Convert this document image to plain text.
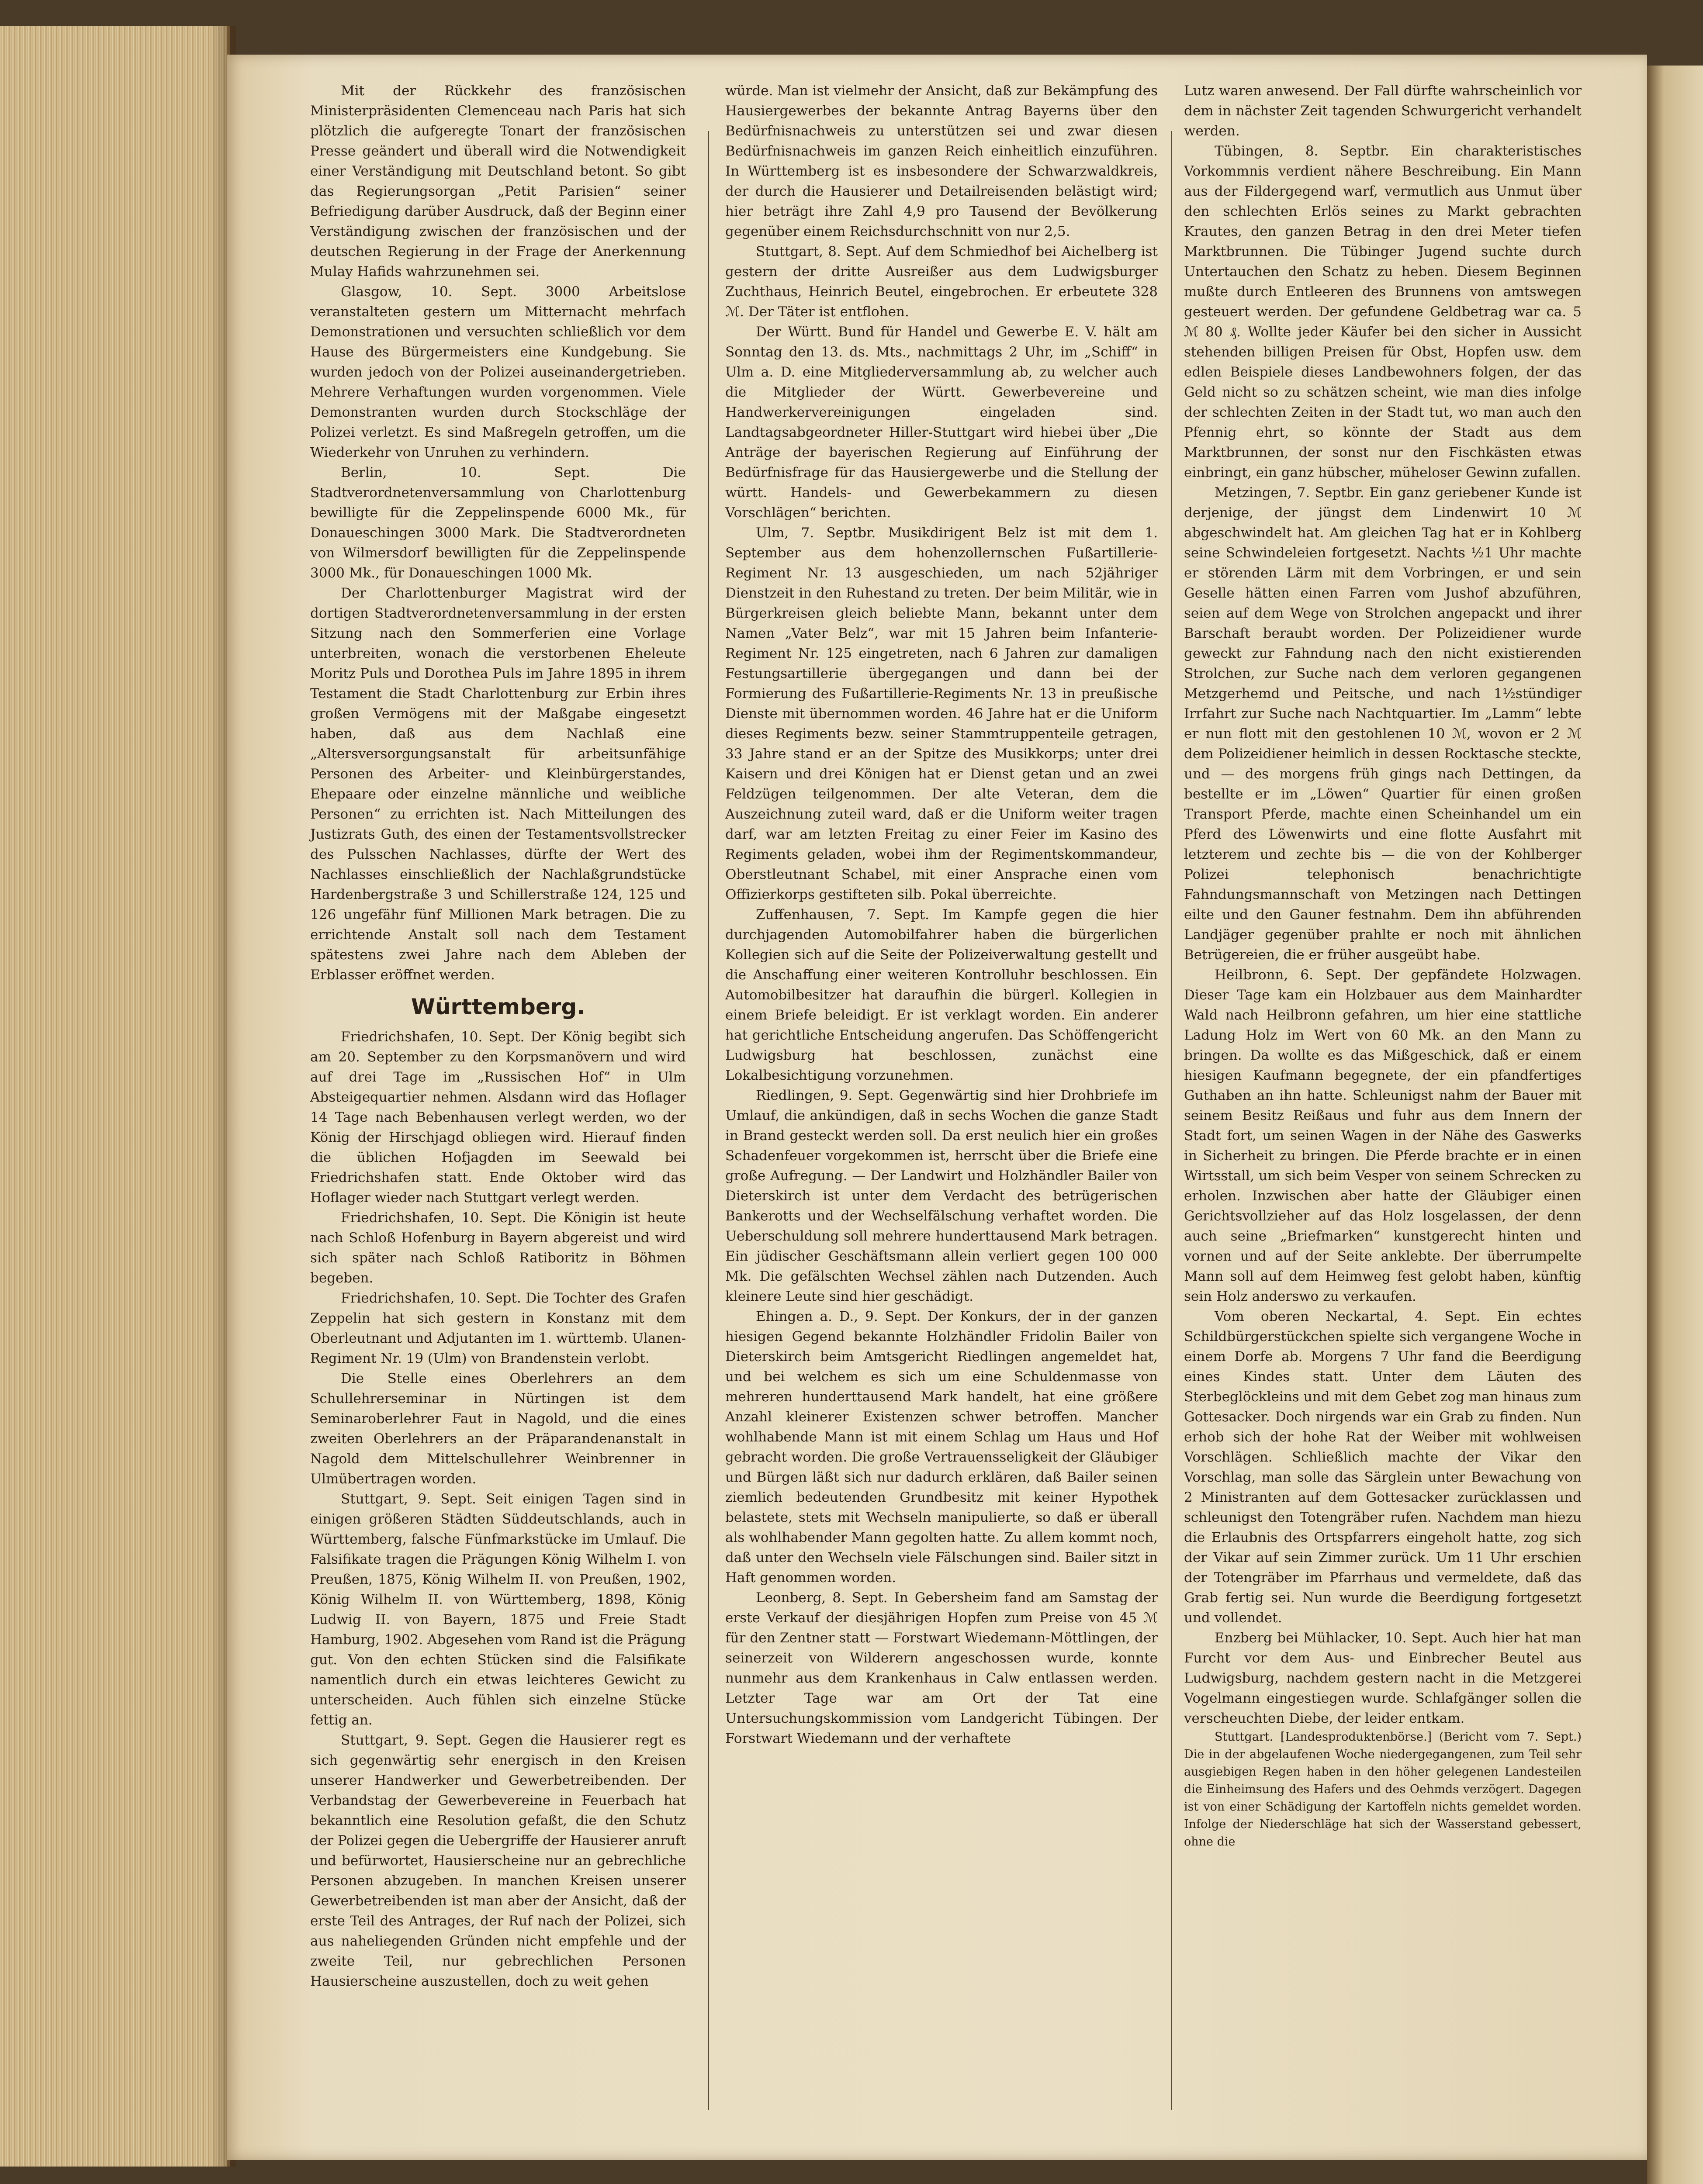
Mit der Rückkehr des französischen Ministerpräsidenten Clemenceau nach Paris hat sich plötzlich die aufgeregte Tonart der französischen Presse geändert und überall wird die Notwendigkeit einer Verständigung mit Deutschland betont. So gibt das Regierungsorgan „Petit Parisien“ seiner Befriedigung darüber Ausdruck, daß der Beginn einer Verständigung zwischen der französischen und der deutschen Regierung in der Frage der Anerkennung Mulay Hafids wahrzunehmen sei.

Glasgow, 10. Sept. 3000 Arbeitslose veranstalteten gestern um Mitternacht mehrfach Demonstrationen und versuchten schließlich vor dem Hause des Bürgermeisters eine Kundgebung. Sie wurden jedoch von der Polizei auseinandergetrieben. Mehrere Verhaftungen wurden vorgenommen. Viele Demonstranten wurden durch Stockschläge der Polizei verletzt. Es sind Maßregeln getroffen, um die Wiederkehr von Unruhen zu verhindern.

Berlin, 10. Sept. Die Stadtverordnetenversammlung von Charlottenburg bewilligte für die Zeppelinspende 6000 Mk., für Donaueschingen 3000 Mark. Die Stadtverordneten von Wilmersdorf bewilligten für die Zeppelinspende 3000 Mk., für Donaueschingen 1000 Mk.

Der Charlottenburger Magistrat wird der dortigen Stadtverordnetenversammlung in der ersten Sitzung nach den Sommerferien eine Vorlage unterbreiten, wonach die verstorbenen Eheleute Moritz Puls und Dorothea Puls im Jahre 1895 in ihrem Testament die Stadt Charlottenburg zur Erbin ihres großen Vermögens mit der Maßgabe eingesetzt haben, daß aus dem Nachlaß eine „Altersversorgungsanstalt für arbeitsunfähige Personen des Arbeiter- und Kleinbürgerstandes, Ehepaare oder einzelne männliche und weibliche Personen“ zu errichten ist. Nach Mitteilungen des Justizrats Guth, des einen der Testamentsvollstrecker des Pulsschen Nachlasses, dürfte der Wert des Nachlasses einschließlich der Nachlaßgrundstücke Hardenbergstraße 3 und Schillerstraße 124, 125 und 126 ungefähr fünf Millionen Mark betragen. Die zu errichtende Anstalt soll nach dem Testament spätestens zwei Jahre nach dem Ableben der Erblasser eröffnet werden.

Württemberg.

Friedrichshafen, 10. Sept. Der König begibt sich am 20. September zu den Korpsmanövern und wird auf drei Tage im „Russischen Hof“ in Ulm Absteigequartier nehmen. Alsdann wird das Hoflager 14 Tage nach Bebenhausen verlegt werden, wo der König der Hirschjagd obliegen wird. Hierauf finden die üblichen Hofjagden im Seewald bei Friedrichshafen statt. Ende Oktober wird das Hoflager wieder nach Stuttgart verlegt werden.

Friedrichshafen, 10. Sept. Die Königin ist heute nach Schloß Hofenburg in Bayern abgereist und wird sich später nach Schloß Ratiboritz in Böhmen begeben.

Friedrichshafen, 10. Sept. Die Tochter des Grafen Zeppelin hat sich gestern in Konstanz mit dem Oberleutnant und Adjutanten im 1. württemb. Ulanen-Regiment Nr. 19 (Ulm) von Brandenstein verlobt.

Die Stelle eines Oberlehrers an dem Schullehrerseminar in Nürtingen ist dem Seminaroberlehrer Faut in Nagold, und die eines zweiten Oberlehrers an der Präparandenanstalt in Nagold dem Mittelschullehrer Weinbrenner in Ulmübertragen worden.

Stuttgart, 9. Sept. Seit einigen Tagen sind in einigen größeren Städten Süddeutschlands, auch in Württemberg, falsche Fünfmarkstücke im Umlauf. Die Falsifikate tragen die Prägungen König Wilhelm I. von Preußen, 1875, König Wilhelm II. von Preußen, 1902, König Wilhelm II. von Württemberg, 1898, König Ludwig II. von Bayern, 1875 und Freie Stadt Hamburg, 1902. Abgesehen vom Rand ist die Prägung gut. Von den echten Stücken sind die Falsifikate namentlich durch ein etwas leichteres Gewicht zu unterscheiden. Auch fühlen sich einzelne Stücke fettig an.

Stuttgart, 9. Sept. Gegen die Hausierer regt es sich gegenwärtig sehr energisch in den Kreisen unserer Handwerker und Gewerbetreibenden. Der Verbandstag der Gewerbevereine in Feuerbach hat bekanntlich eine Resolution gefaßt, die den Schutz der Polizei gegen die Uebergriffe der Hausierer anruft und befürwortet, Hausierscheine nur an gebrechliche Personen abzugeben. In manchen Kreisen unserer Gewerbetreibenden ist man aber der Ansicht, daß der erste Teil des Antrages, der Ruf nach der Polizei, sich aus naheliegenden Gründen nicht empfehle und der zweite Teil, nur gebrechlichen Personen Hausierscheine auszustellen, doch zu weit gehen

würde. Man ist vielmehr der Ansicht, daß zur Bekämpfung des Hausiergewerbes der bekannte Antrag Bayerns über den Bedürfnisnachweis zu unterstützen sei und zwar diesen Bedürfnisnachweis im ganzen Reich einheitlich einzuführen. In Württemberg ist es insbesondere der Schwarzwaldkreis, der durch die Hausierer und Detailreisenden belästigt wird; hier beträgt ihre Zahl 4,9 pro Tausend der Bevölkerung gegenüber einem Reichsdurchschnitt von nur 2,5.

Stuttgart, 8. Sept. Auf dem Schmiedhof bei Aichelberg ist gestern der dritte Ausreißer aus dem Ludwigsburger Zuchthaus, Heinrich Beutel, eingebrochen. Er erbeutete 328 ℳ. Der Täter ist entflohen.

Der Württ. Bund für Handel und Gewerbe E. V. hält am Sonntag den 13. ds. Mts., nachmittags 2 Uhr, im „Schiff“ in Ulm a. D. eine Mitgliederversammlung ab, zu welcher auch die Mitglieder der Württ. Gewerbevereine und Handwerkervereinigungen eingeladen sind. Landtagsabgeordneter Hiller-Stuttgart wird hiebei über „Die Anträge der bayerischen Regierung auf Einführung der Bedürfnisfrage für das Hausiergewerbe und die Stellung der württ. Handels- und Gewerbekammern zu diesen Vorschlägen“ berichten.

Ulm, 7. Septbr. Musikdirigent Belz ist mit dem 1. September aus dem hohenzollernschen Fußartillerie-Regiment Nr. 13 ausgeschieden, um nach 52jähriger Dienstzeit in den Ruhestand zu treten. Der beim Militär, wie in Bürgerkreisen gleich beliebte Mann, bekannt unter dem Namen „Vater Belz“, war mit 15 Jahren beim Infanterie-Regiment Nr. 125 eingetreten, nach 6 Jahren zur damaligen Festungsartillerie übergegangen und dann bei der Formierung des Fußartillerie-Regiments Nr. 13 in preußische Dienste mit übernommen worden. 46 Jahre hat er die Uniform dieses Regiments bezw. seiner Stammtruppenteile getragen, 33 Jahre stand er an der Spitze des Musikkorps; unter drei Kaisern und drei Königen hat er Dienst getan und an zwei Feldzügen teilgenommen. Der alte Veteran, dem die Auszeichnung zuteil ward, daß er die Uniform weiter tragen darf, war am letzten Freitag zu einer Feier im Kasino des Regiments geladen, wobei ihm der Regimentskommandeur, Oberstleutnant Schabel, mit einer Ansprache einen vom Offizierkorps gestifteten silb. Pokal überreichte.

Zuffenhausen, 7. Sept. Im Kampfe gegen die hier durchjagenden Automobilfahrer haben die bürgerlichen Kollegien sich auf die Seite der Polizeiverwaltung gestellt und die Anschaffung einer weiteren Kontrolluhr beschlossen. Ein Automobilbesitzer hat daraufhin die bürgerl. Kollegien in einem Briefe beleidigt. Er ist verklagt worden. Ein anderer hat gerichtliche Entscheidung angerufen. Das Schöffengericht Ludwigsburg hat beschlossen, zunächst eine Lokalbesichtigung vorzunehmen.

Riedlingen, 9. Sept. Gegenwärtig sind hier Drohbriefe im Umlauf, die ankündigen, daß in sechs Wochen die ganze Stadt in Brand gesteckt werden soll. Da erst neulich hier ein großes Schadenfeuer vorgekommen ist, herrscht über die Briefe eine große Aufregung. — Der Landwirt und Holzhändler Bailer von Dieterskirch ist unter dem Verdacht des betrügerischen Bankerotts und der Wechselfälschung verhaftet worden. Die Ueberschuldung soll mehrere hunderttausend Mark betragen. Ein jüdischer Geschäftsmann allein verliert gegen 100 000 Mk. Die gefälschten Wechsel zählen nach Dutzenden. Auch kleinere Leute sind hier geschädigt.

Ehingen a. D., 9. Sept. Der Konkurs, der in der ganzen hiesigen Gegend bekannte Holzhändler Fridolin Bailer von Dieterskirch beim Amtsgericht Riedlingen angemeldet hat, und bei welchem es sich um eine Schuldenmasse von mehreren hunderttausend Mark handelt, hat eine größere Anzahl kleinerer Existenzen schwer betroffen. Mancher wohlhabende Mann ist mit einem Schlag um Haus und Hof gebracht worden. Die große Vertrauensseligkeit der Gläubiger und Bürgen läßt sich nur dadurch erklären, daß Bailer seinen ziemlich bedeutenden Grundbesitz mit keiner Hypothek belastete, stets mit Wechseln manipulierte, so daß er überall als wohlhabender Mann gegolten hatte. Zu allem kommt noch, daß unter den Wechseln viele Fälschungen sind. Bailer sitzt in Haft genommen worden.

Leonberg, 8. Sept. In Gebersheim fand am Samstag der erste Verkauf der diesjährigen Hopfen zum Preise von 45 ℳ für den Zentner statt — Forstwart Wiedemann-Möttlingen, der seinerzeit von Wilderern angeschossen wurde, konnte nunmehr aus dem Krankenhaus in Calw entlassen werden. Letzter Tage war am Ort der Tat eine Untersuchungskommission vom Landgericht Tübingen. Der Forstwart Wiedemann und der verhaftete

Lutz waren anwesend. Der Fall dürfte wahrscheinlich vor dem in nächster Zeit tagenden Schwurgericht verhandelt werden.

Tübingen, 8. Septbr. Ein charakteristisches Vorkommnis verdient nähere Beschreibung. Ein Mann aus der Fildergegend warf, vermutlich aus Unmut über den schlechten Erlös seines zu Markt gebrachten Krautes, den ganzen Betrag in den drei Meter tiefen Marktbrunnen. Die Tübinger Jugend suchte durch Untertauchen den Schatz zu heben. Diesem Beginnen mußte durch Entleeren des Brunnens von amtswegen gesteuert werden. Der gefundene Geldbetrag war ca. 5 ℳ 80 ₰. Wollte jeder Käufer bei den sicher in Aussicht stehenden billigen Preisen für Obst, Hopfen usw. dem edlen Beispiele dieses Landbewohners folgen, der das Geld nicht so zu schätzen scheint, wie man dies infolge der schlechten Zeiten in der Stadt tut, wo man auch den Pfennig ehrt, so könnte der Stadt aus dem Marktbrunnen, der sonst nur den Fischkästen etwas einbringt, ein ganz hübscher, müheloser Gewinn zufallen.

Metzingen, 7. Septbr. Ein ganz geriebener Kunde ist derjenige, der jüngst dem Lindenwirt 10 ℳ abgeschwindelt hat. Am gleichen Tag hat er in Kohlberg seine Schwindeleien fortgesetzt. Nachts ½1 Uhr machte er störenden Lärm mit dem Vorbringen, er und sein Geselle hätten einen Farren vom Jushof abzuführen, seien auf dem Wege von Strolchen angepackt und ihrer Barschaft beraubt worden. Der Polizeidiener wurde geweckt zur Fahndung nach den nicht existierenden Strolchen, zur Suche nach dem verloren gegangenen Metzgerhemd und Peitsche, und nach 1½stündiger Irrfahrt zur Suche nach Nachtquartier. Im „Lamm“ lebte er nun flott mit den gestohlenen 10 ℳ, wovon er 2 ℳ dem Polizeidiener heimlich in dessen Rocktasche steckte, und — des morgens früh gings nach Dettingen, da bestellte er im „Löwen“ Quartier für einen großen Transport Pferde, machte einen Scheinhandel um ein Pferd des Löwenwirts und eine flotte Ausfahrt mit letzterem und zechte bis — die von der Kohlberger Polizei telephonisch benachrichtigte Fahndungsmannschaft von Metzingen nach Dettingen eilte und den Gauner festnahm. Dem ihn abführenden Landjäger gegenüber prahlte er noch mit ähnlichen Betrügereien, die er früher ausgeübt habe.

Heilbronn, 6. Sept. Der gepfändete Holzwagen. Dieser Tage kam ein Holzbauer aus dem Mainhardter Wald nach Heilbronn gefahren, um hier eine stattliche Ladung Holz im Wert von 60 Mk. an den Mann zu bringen. Da wollte es das Mißgeschick, daß er einem hiesigen Kaufmann begegnete, der ein pfandfertiges Guthaben an ihn hatte. Schleunigst nahm der Bauer mit seinem Besitz Reißaus und fuhr aus dem Innern der Stadt fort, um seinen Wagen in der Nähe des Gaswerks in Sicherheit zu bringen. Die Pferde brachte er in einen Wirtsstall, um sich beim Vesper von seinem Schrecken zu erholen. Inzwischen aber hatte der Gläubiger einen Gerichtsvollzieher auf das Holz losgelassen, der denn auch seine „Briefmarken“ kunstgerecht hinten und vornen und auf der Seite anklebte. Der überrumpelte Mann soll auf dem Heimweg fest gelobt haben, künftig sein Holz anderswo zu verkaufen.

Vom oberen Neckartal, 4. Sept. Ein echtes Schildbürgerstückchen spielte sich vergangene Woche in einem Dorfe ab. Morgens 7 Uhr fand die Beerdigung eines Kindes statt. Unter dem Läuten des Sterbeglöckleins und mit dem Gebet zog man hinaus zum Gottesacker. Doch nirgends war ein Grab zu finden. Nun erhob sich der hohe Rat der Weiber mit wohlweisen Vorschlägen. Schließlich machte der Vikar den Vorschlag, man solle das Särglein unter Bewachung von 2 Ministranten auf dem Gottesacker zurücklassen und schleunigst den Totengräber rufen. Nachdem man hiezu die Erlaubnis des Ortspfarrers eingeholt hatte, zog sich der Vikar auf sein Zimmer zurück. Um 11 Uhr erschien der Totengräber im Pfarrhaus und vermeldete, daß das Grab fertig sei. Nun wurde die Beerdigung fortgesetzt und vollendet.

Enzberg bei Mühlacker, 10. Sept. Auch hier hat man Furcht vor dem Aus- und Einbrecher Beutel aus Ludwigsburg, nachdem gestern nacht in die Metzgerei Vogelmann eingestiegen wurde. Schlafgänger sollen die verscheuchten Diebe, der leider entkam.

Stuttgart. [Landesproduktenbörse.] (Bericht vom 7. Sept.) Die in der abgelaufenen Woche niedergegangenen, zum Teil sehr ausgiebigen Regen haben in den höher gelegenen Landesteilen die Einheimsung des Hafers und des Oehmds verzögert. Dagegen ist von einer Schädigung der Kartoffeln nichts gemeldet worden. Infolge der Niederschläge hat sich der Wasserstand gebessert, ohne die
